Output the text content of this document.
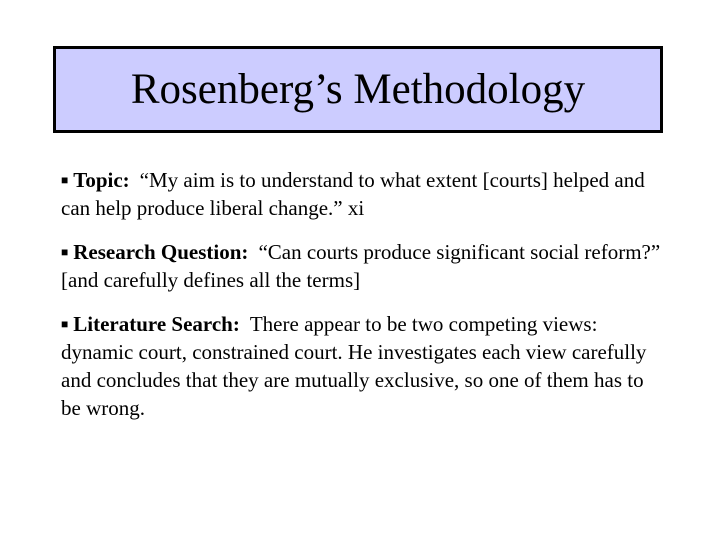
Rosenberg’s Methodology

■ Topic: “My aim is to understand to what extent [courts] helped and can help produce liberal change.” xi

■ Research Question: “Can courts produce significant social reform?” [and carefully defines all the terms]

■ Literature Search: There appear to be two competing views: dynamic court, constrained court. He investigates each view carefully and concludes that they are mutually exclusive, so one of them has to be wrong.
